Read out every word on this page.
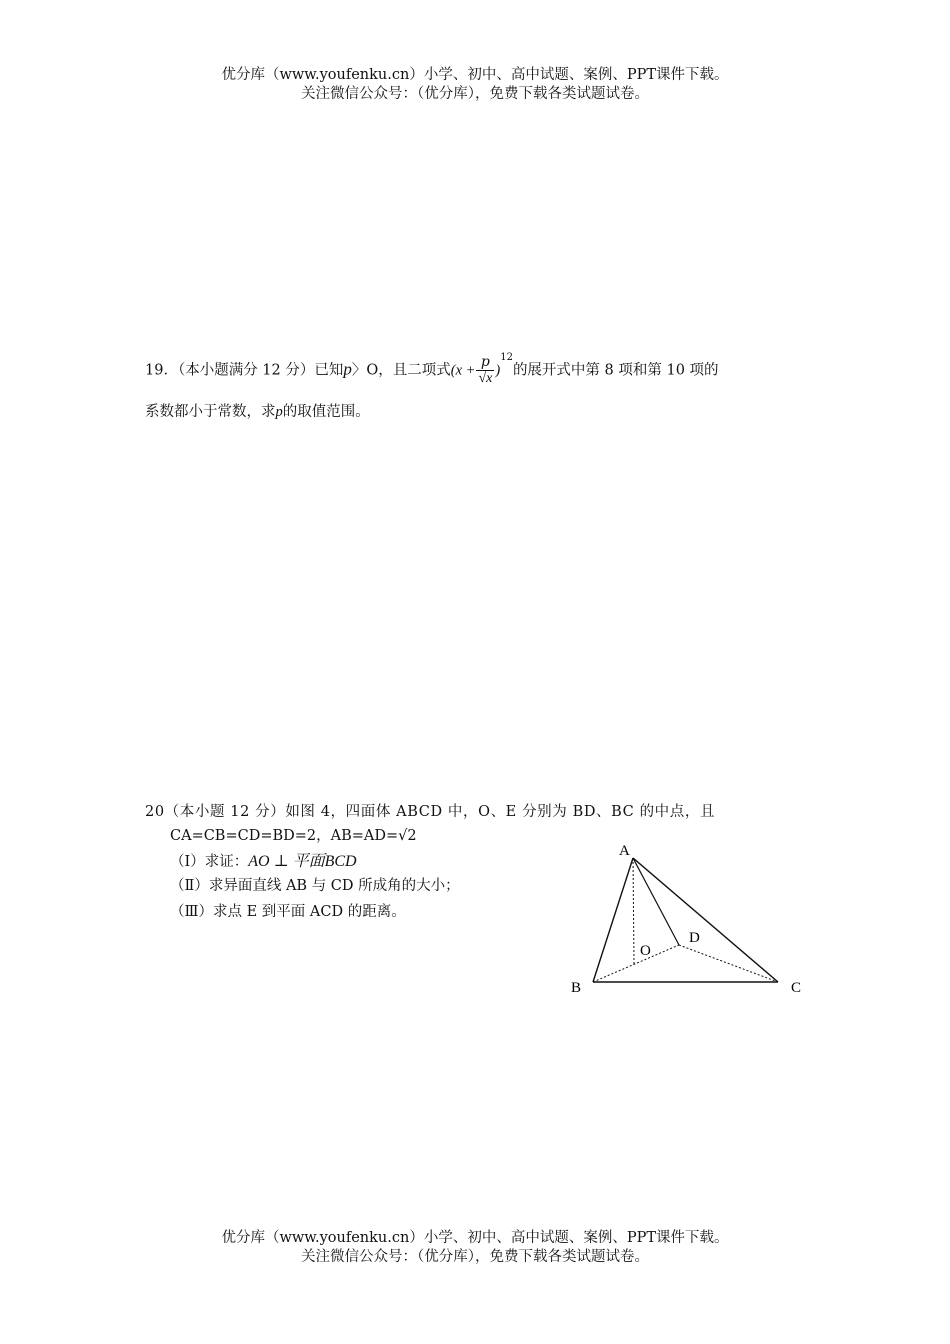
优分库（www.youfenku.cn）小学、初中、高中试题、案例、PPT课件下载。
关注微信公众号：（优分库），免费下载各类试题试卷。
19．（本小题满分 12 分）已知p〉O，且二项式$(x + \frac{p}{√x} )^{12}$的展开式中第 8 项和第 10 项的
系数都小于常数，求p的取值范围。
20（本小题 12 分）如图 4，四面体 ABCD 中，O、E 分别为 BD、BC 的中点，且
CA=CB=CD=BD=2，AB=AD=√2
（Ⅰ）求证：AO ⊥ 平面BCD
（Ⅱ）求异面直线 AB 与 CD 所成角的大小；
（Ⅲ）求点 E 到平面 ACD 的距离。
A
B	C
D
O
优分库（www.youfenku.cn）小学、初中、高中试题、案例、PPT课件下载。
关注微信公众号：（优分库），免费下载各类试题试卷。
